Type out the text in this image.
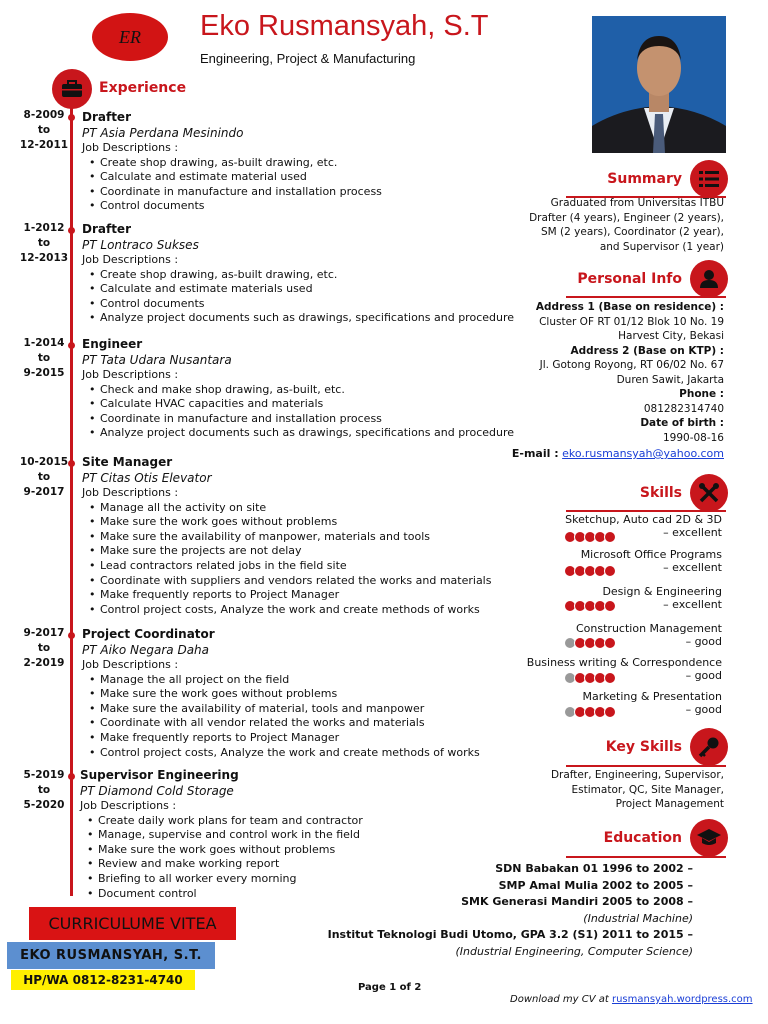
ER Eko Rusmansyah, S.T
Engineering, Project & Manufacturing
Experience
8-2009
to
12-2011
Drafter
PT Asia Perdana Mesinindo
Job Descriptions :
• Create shop drawing, as-built drawing, etc.
• Calculate and estimate material used
• Coordinate in manufacture and installation process
• Control documents
1-2012
to
12-2013
Drafter
PT Lontraco Sukses
Job Descriptions :
• Create shop drawing, as-built drawing, etc.
• Calculate and estimate materials used
• Control documents
• Analyze project documents such as drawings, specifications and procedure
1-2014
to
9-2015
Engineer
PT Tata Udara Nusantara
Job Descriptions :
• Check and make shop drawing, as-built, etc.
• Calculate HVAC capacities and materials
• Coordinate in manufacture and installation process
• Analyze project documents such as drawings, specifications and procedure
10-2015
to
9-2017
Site Manager
PT Citas Otis Elevator
Job Descriptions :
• Manage all the activity on site
• Make sure the work goes without problems
• Make sure the availability of manpower, materials and tools
• Make sure the projects are not delay
• Lead contractors related jobs in the field site
• Coordinate with suppliers and vendors related the works and materials
• Make frequently reports to Project Manager
• Control project costs, Analyze the work and create methods of works
9-2017
to
2-2019
Project Coordinator
PT Aiko Negara Daha
Job Descriptions :
• Manage the all project on the field
• Make sure the work goes without problems
• Make sure the availability of material, tools and manpower
• Coordinate with all vendor related the works and materials
• Make frequently reports to Project Manager
• Control project costs, Analyze the work and create methods of works
5-2019
to
5-2020
Supervisor Engineering
PT Diamond Cold Storage
Job Descriptions :
• Create daily work plans for team and contractor
• Manage, supervise and control work in the field
• Make sure the work goes without problems
• Review and make working report
• Briefing to all worker every morning
• Document control
Summary
Graduated from Universitas ITBU
Drafter (4 years), Engineer (2 years),
SM (2 years), Coordinator (2 year),
and Supervisor (1 year)
Personal Info
Address 1 (Base on residence) :
Cluster OF RT 01/12 Blok 10 No. 19
Harvest City, Bekasi
Address 2 (Base on KTP) :
Jl. Gotong Royong, RT 06/02 No. 67
Duren Sawit, Jakarta
Phone :
081282314740
Date of birth :
1990-08-16
E-mail : eko.rusmansyah@yahoo.com
Skills
Sketchup, Auto cad 2D & 3D
– excellent
Microsoft Office Programs
– excellent
Design & Engineering
– excellent
Construction Management
– good
Business writing & Correspondence
– good
Marketing & Presentation
– good
Key Skills
Drafter, Engineering, Supervisor,
Estimator, QC, Site Manager,
Project Management
Education
SDN Babakan 01 1996 to 2002 –
SMP Amal Mulia 2002 to 2005 –
SMK Generasi Mandiri 2005 to 2008 –
(Industrial Machine)
Institut Teknologi Budi Utomo, GPA 3.2 (S1) 2011 to 2015 –
(Industrial Engineering, Computer Science)
CURRICULUME VITEA
EKO RUSMANSYAH, S.T.
HP/WA 0812-8231-4740
Page 1 of 2
Download my CV at rusmansyah.wordpress.com
